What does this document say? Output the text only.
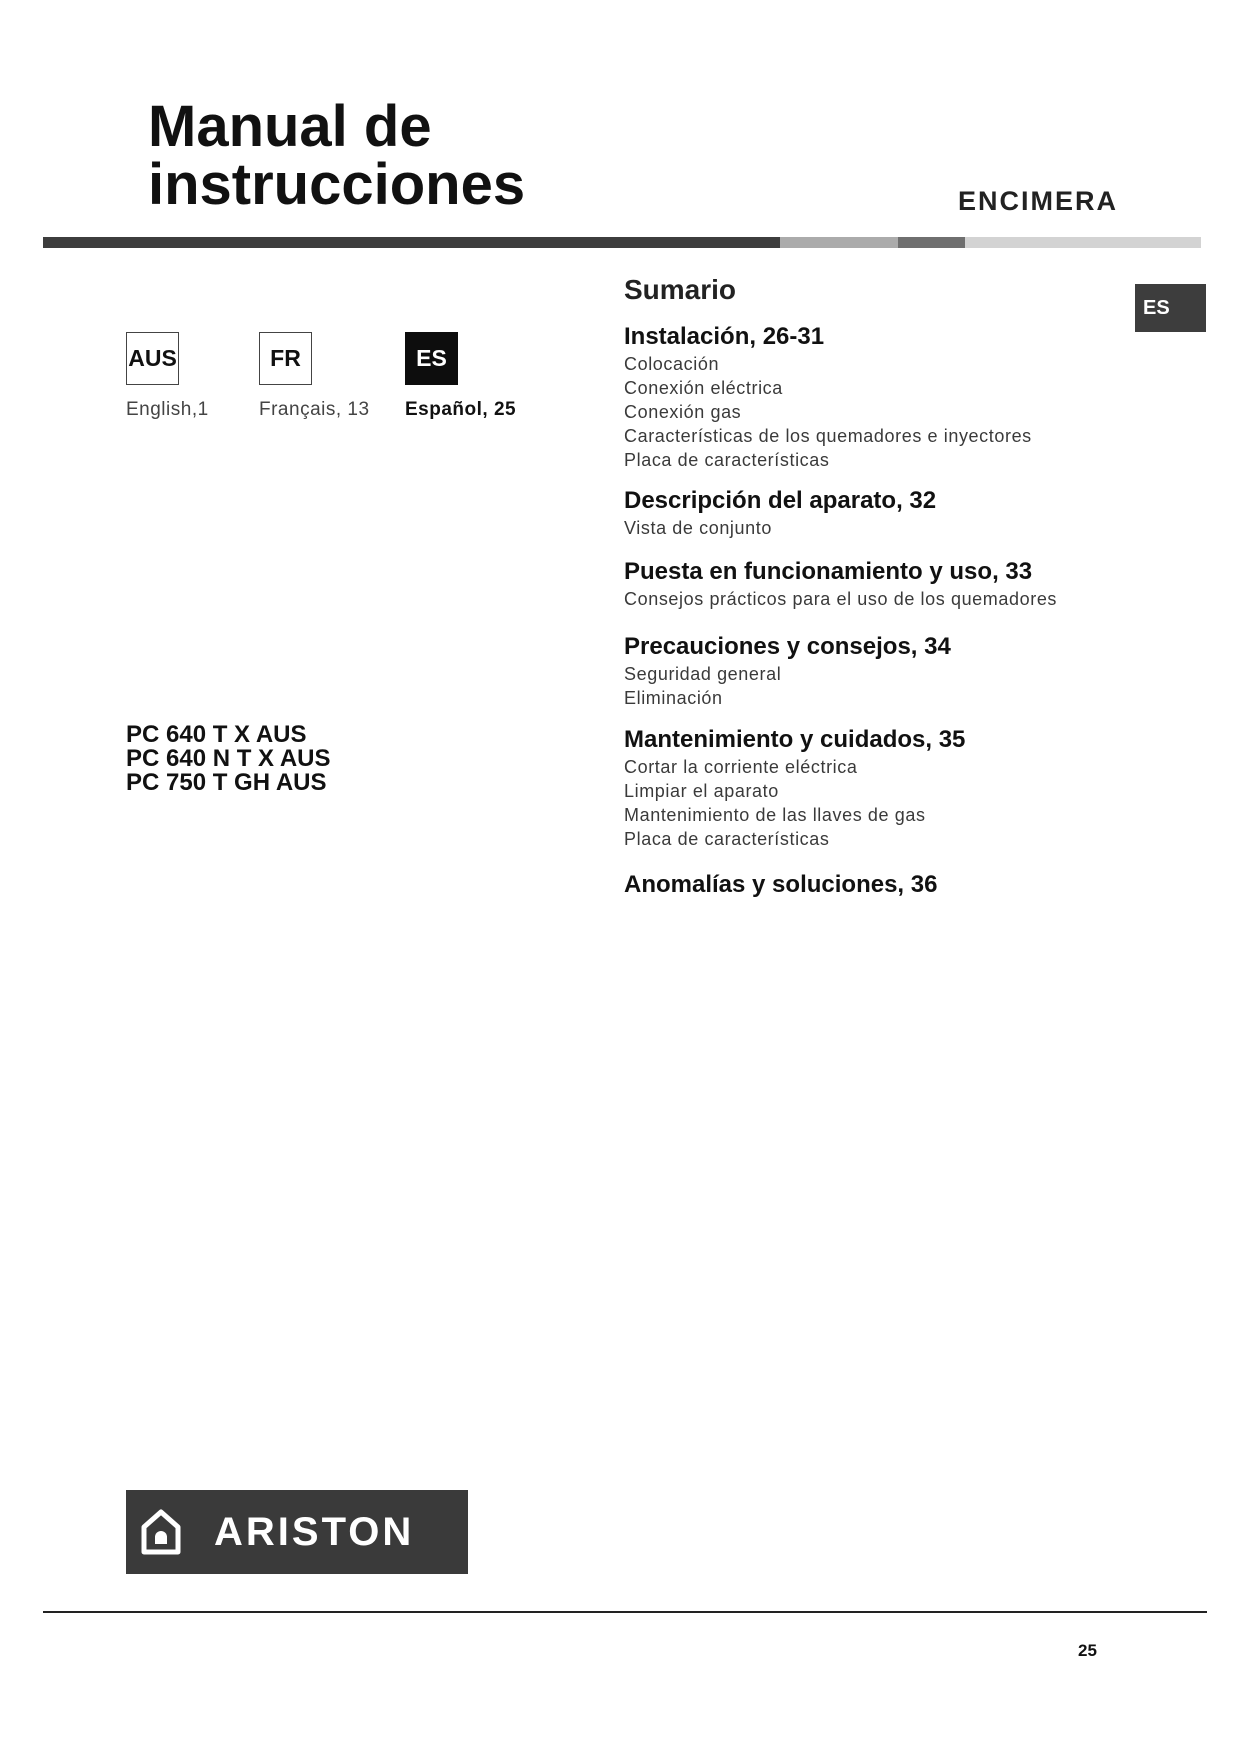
Manual de
instrucciones	ENCIMERA
ES
AUS
English,1
FR
Français, 13
ES
Español, 25
PC 640 T X AUS
PC 640 N T X AUS
PC 750 T GH AUS
Sumario
Instalación, 26-31
Colocación
Conexión eléctrica
Conexión gas
Características de los quemadores e inyectores
Placa de características
Descripción del aparato, 32
Vista de conjunto
Puesta en funcionamiento y uso, 33
Consejos prácticos para el uso de los quemadores
Precauciones y consejos, 34
Seguridad general
Eliminación
Mantenimiento y cuidados, 35
Cortar la corriente eléctrica
Limpiar el aparato
Mantenimiento de las llaves de gas
Placa de características
Anomalías y soluciones, 36
ARISTON
25
